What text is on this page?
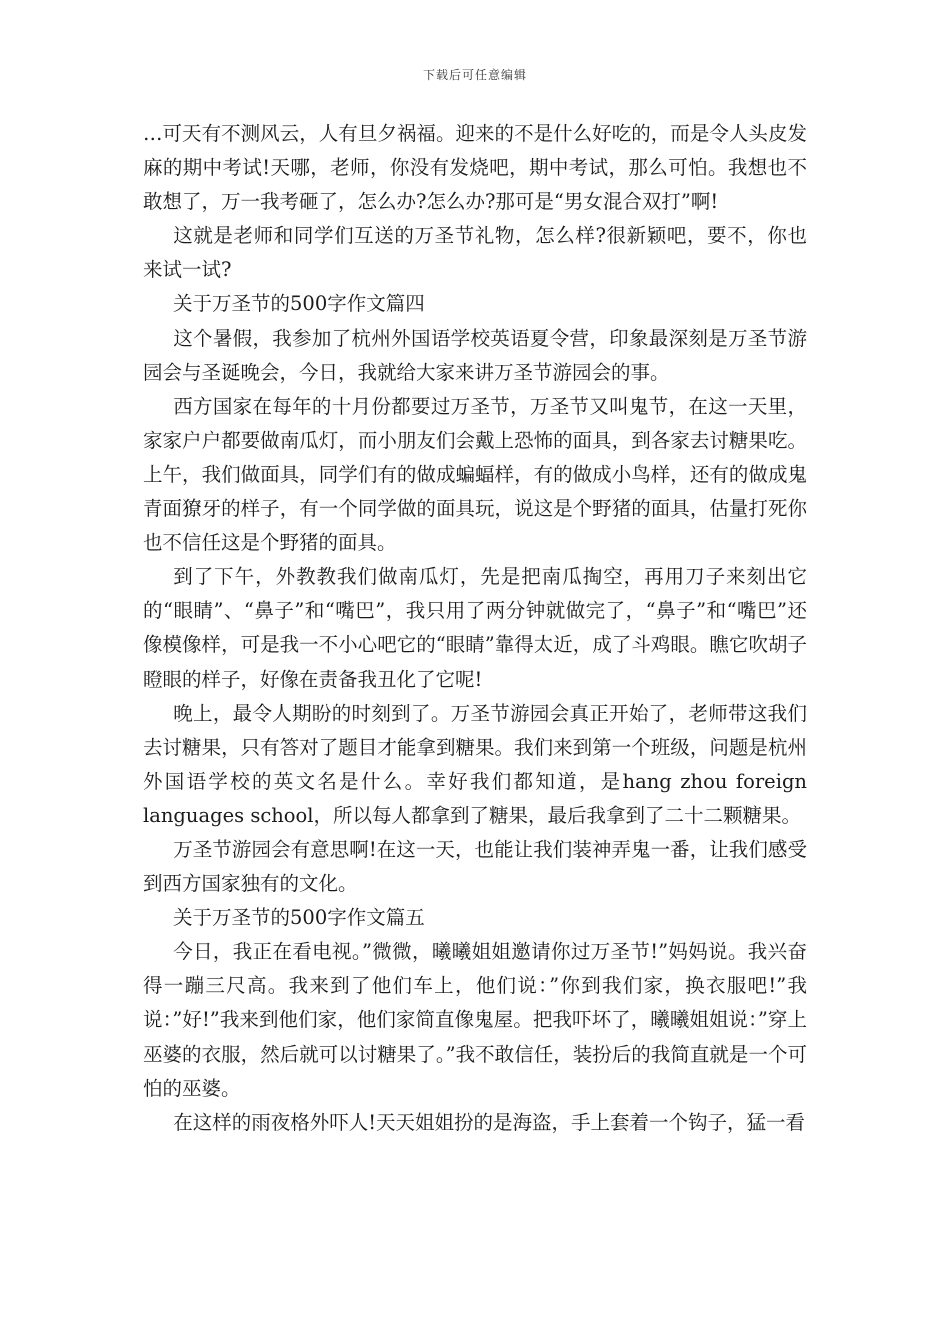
下载后可任意编辑

…可天有不测风云，人有旦夕祸福。迎来的不是什么好吃的，而是令人头皮发麻的期中考试!天哪，老师，你没有发烧吧，期中考试，那么可怕。我想也不敢想了，万一我考砸了，怎么办?怎么办?那可是“男女混合双打”啊!

这就是老师和同学们互送的万圣节礼物，怎么样?很新颖吧，要不，你也来试一试?

关于万圣节的500字作文篇四

这个暑假，我参加了杭州外国语学校英语夏令营，印象最深刻是万圣节游园会与圣诞晚会，今日，我就给大家来讲万圣节游园会的事。

西方国家在每年的十月份都要过万圣节，万圣节又叫鬼节，在这一天里，家家户户都要做南瓜灯，而小朋友们会戴上恐怖的面具，到各家去讨糖果吃。上午，我们做面具，同学们有的做成蝙蝠样，有的做成小鸟样，还有的做成鬼青面獠牙的样子，有一个同学做的面具玩，说这是个野猪的面具，估量打死你也不信任这是个野猪的面具。

到了下午，外教教我们做南瓜灯，先是把南瓜掏空，再用刀子来刻出它的“眼睛”、“鼻子”和“嘴巴”，我只用了两分钟就做完了，“鼻子”和“嘴巴”还像模像样，可是我一不小心吧它的“眼睛”靠得太近，成了斗鸡眼。瞧它吹胡子瞪眼的样子，好像在责备我丑化了它呢!

晚上，最令人期盼的时刻到了。万圣节游园会真正开始了，老师带这我们去讨糖果，只有答对了题目才能拿到糖果。我们来到第一个班级，问题是杭州外国语学校的英文名是什么。幸好我们都知道，是hang zhou foreign languages school，所以每人都拿到了糖果，最后我拿到了二十二颗糖果。

万圣节游园会有意思啊!在这一天，也能让我们装神弄鬼一番，让我们感受到西方国家独有的文化。

关于万圣节的500字作文篇五

今日，我正在看电视。”微微，曦曦姐姐邀请你过万圣节!”妈妈说。我兴奋得一蹦三尺高。我来到了他们车上，他们说：”你到我们家，换衣服吧!”我说：”好!”我来到他们家，他们家简直像鬼屋。把我吓坏了，曦曦姐姐说：”穿上巫婆的衣服，然后就可以讨糖果了。”我不敢信任，装扮后的我简直就是一个可怕的巫婆。

在这样的雨夜格外吓人!天天姐姐扮的是海盗，手上套着一个钩子，猛一看
